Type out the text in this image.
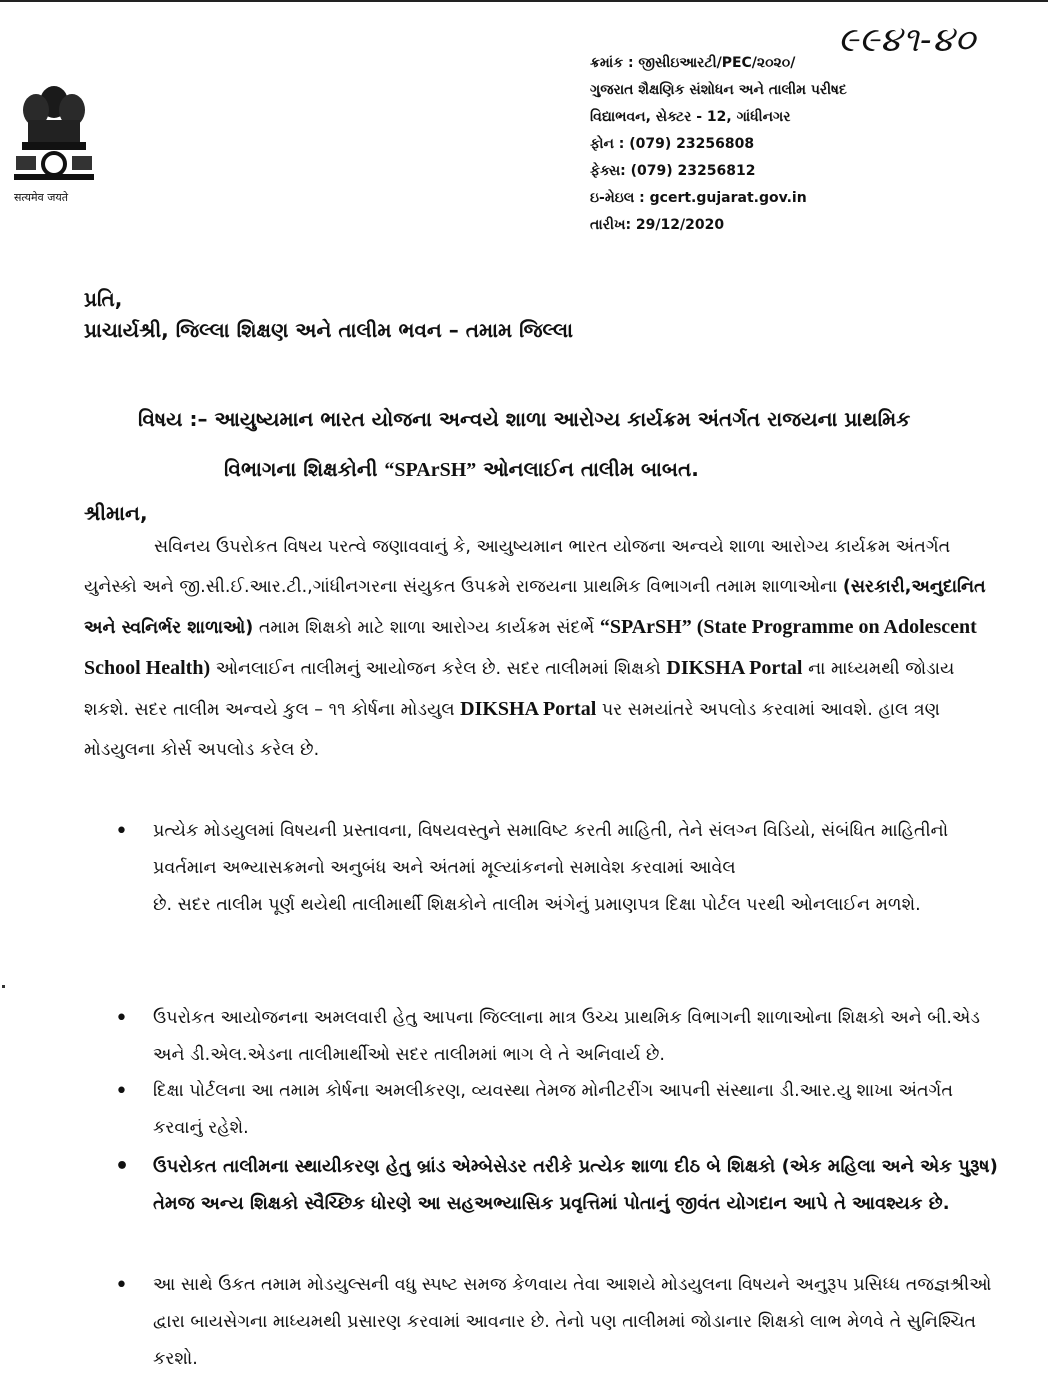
सत्यमेव जयते
૯૯૪૧-૪૦
ક્રમાંક : જીસીઇઆરટી/PEC/૨૦૨૦/
ગુજરાત શૈક્ષણિક સંશોધન અને તાલીમ પરીષદ
વિદ્યાભવન, સેક્ટર - 12, ગાંધીનગર
ફોન : (079) 23256808
ફેક્સ: (079) 23256812
ઇ-મેઇલ : gcert.gujarat.gov.in
તારીખ: 29/12/2020
પ્રતિ,
પ્રાચાર્યશ્રી, જિલ્લા શિક્ષણ અને તાલીમ ભવન – તમામ જિલ્લા
વિષય :– આયુષ્યમાન ભારત યોજના અન્વયે શાળા આરોગ્ય કાર્યક્રમ અંતર્ગત રાજયના પ્રાથમિક
વિભાગના શિક્ષકોની “SPArSH” ઓનલાઈન તાલીમ બાબત.
શ્રીમાન,
સવિનય ઉપરોકત વિષય પરત્વે જણાવવાનું કે, આયુષ્યમાન ભારત યોજના અન્વયે શાળા આરોગ્ય કાર્યક્રમ અંતર્ગત યુનેસ્કો અને જી.સી.ઈ.આર.ટી.,ગાંધીનગરના સંયુકત ઉપક્રમે રાજયના પ્રાથમિક વિભાગની તમામ શાળાઓના (સરકારી,અનુદાનિત અને સ્વનિર્ભર શાળાઓ) તમામ શિક્ષકો માટે શાળા આરોગ્ય કાર્યક્રમ સંદર્ભે “SPArSH” (State Programme on Adolescent School Health) ઓનલાઈન તાલીમનું આયોજન કરેલ છે. સદર તાલીમમાં શિક્ષકો DIKSHA Portal ના માધ્યમથી જોડાય શકશે. સદર તાલીમ અન્વયે કુલ – ૧૧ કોર્ષના મોડયુલ DIKSHA Portal પર સમયાંતરે અપલોડ કરવામાં આવશે. હાલ ત્રણ મોડયુલના કોર્સ અપલોડ કરેલ છે.
•	પ્રત્યેક મોડયુલમાં વિષયની પ્રસ્તાવના, વિષયવસ્તુને સમાવિષ્ટ કરતી માહિતી, તેને સંલગ્ન વિડિયો, સંબંધિત માહિતીનો પ્રવર્તમાન અભ્યાસક્રમનો અનુબંધ અને અંતમાં મૂલ્યાંકનનો સમાવેશ કરવામાં આવેલ
છે. સદર તાલીમ પૂર્ણ થયેથી તાલીમાર્થી શિક્ષકોને તાલીમ અંગેનું પ્રમાણપત્ર દિક્ષા પોર્ટલ પરથી ઓનલાઈન મળશે.
•	ઉપરોકત આયોજનના અમલવારી હેતુ આપના જિલ્લાના માત્ર ઉચ્ચ પ્રાથમિક વિભાગની શાળાઓના શિક્ષકો અને બી.એડ અને ડી.એલ.એડના તાલીમાર્થીઓ સદર તાલીમમાં ભાગ લે તે અનિવાર્ય છે.
•	દિક્ષા પોર્ટલના આ તમામ કોર્ષના અમલીકરણ, વ્યવસ્થા તેમજ મોનીટરીંગ આપની સંસ્થાના ડી.આર.યુ શાખા અંતર્ગત કરવાનું રહેશે.
•	ઉપરોકત તાલીમના સ્થાયીકરણ હેતુ બ્રાંડ એમ્બેસેડર તરીકે પ્રત્યેક શાળા દીઠ બે શિક્ષકો (એક મહિલા અને એક પુરૂષ) તેમજ અન્ય શિક્ષકો સ્વૈચ્છિક ધોરણે આ સહઅભ્યાસિક પ્રવૃત્તિમાં પોતાનું જીવંત યોગદાન આપે તે આવશ્યક છે.
•	આ સાથે ઉકત તમામ મોડયુલ્સની વધુ સ્પષ્ટ સમજ કેળવાય તેવા આશયે મોડયુલના વિષયને અનુરૂપ પ્રસિધ્ધ તજજ્ઞશ્રીઓ દ્વારા બાયસેગના માધ્યમથી પ્રસારણ કરવામાં આવનાર છે. તેનો પણ તાલીમમાં જોડાનાર શિક્ષકો લાભ મેળવે તે સુનિશ્ચિત કરશો.
